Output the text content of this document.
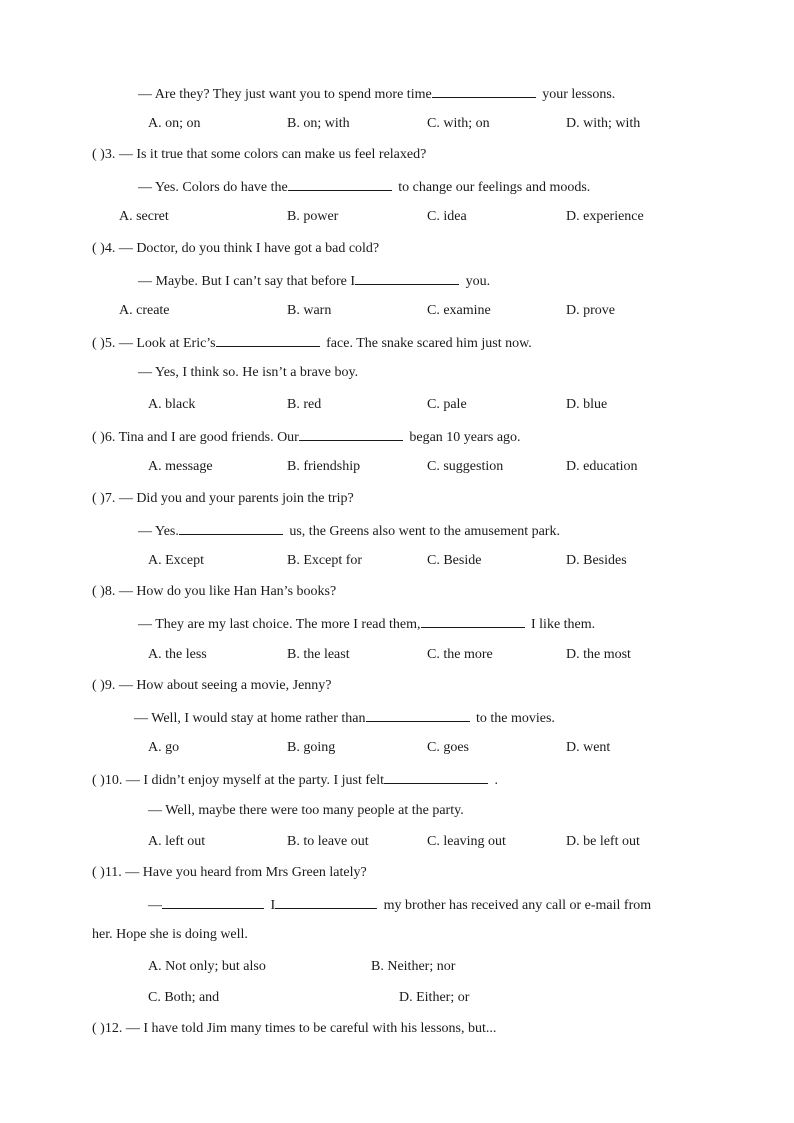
— Are they? They just want you to spend more time	your lessons.
A. on; on	B. on; with	C. with; on	D. with; with
( )3. — Is it true that some colors can make us feel relaxed?
— Yes. Colors do have the	to change our feelings and moods.
A. secret	B. power	C. idea	D. experience
( )4. — Doctor, do you think I have got a bad cold?
— Maybe. But I can’t say that before I	you.
A. create	B. warn	C. examine	D. prove
( )5. — Look at Eric’s	face. The snake scared him just now.
— Yes, I think so. He isn’t a brave boy.
A. black	B. red	C. pale	D. blue
( )6. Tina and I are good friends. Our	began 10 years ago.
A. message	B. friendship	C. suggestion	D. education
( )7. — Did you and your parents join the trip?
— Yes.	us, the Greens also went to the amusement park.
A. Except	B. Except for	C. Beside	D. Besides
( )8. — How do you like Han Han’s books?
— They are my last choice. The more I read them,	I like them.
A. the less	B. the least	C. the more	D. the most
( )9. — How about seeing a movie, Jenny?
— Well, I would stay at home rather than	to the movies.
A. go	B. going	C. goes	D. went
( )10. — I didn’t enjoy myself at the party. I just felt	.
— Well, maybe there were too many people at the party.
A. left out	B. to leave out	C. leaving out	D. be left out
( )11. — Have you heard from Mrs Green lately?
—	I	my brother has received any call or e-mail from
her. Hope she is doing well.
A. Not only; but also	B. Neither; nor
C. Both; and	D. Either; or
( )12. — I have told Jim many times to be careful with his lessons, but...
